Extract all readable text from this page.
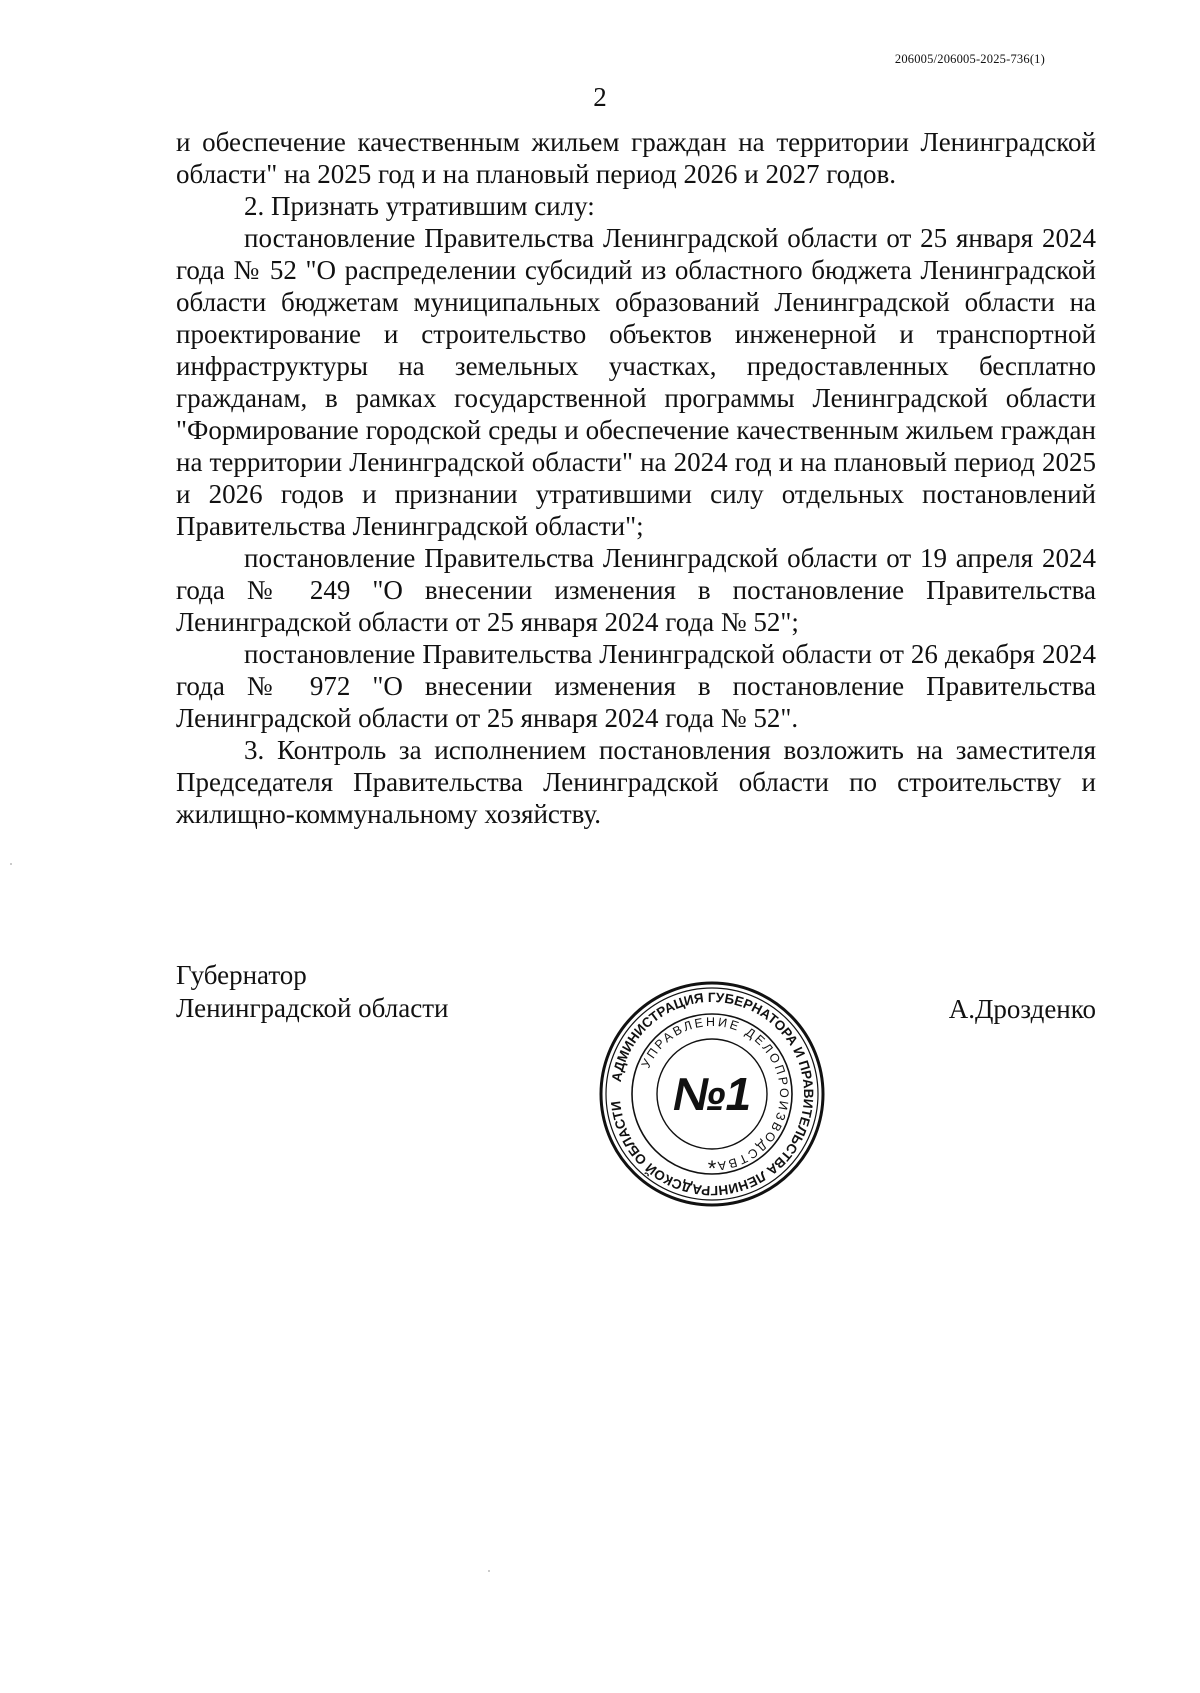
206005/206005-2025-736(1)
2

и обеспечение качественным жильем граждан на территории Ленинградской области" на 2025 год и на плановый период 2026 и 2027 годов.

2. Признать утратившим силу:

постановление Правительства Ленинградской области от 25 января 2024 года № 52 "О распределении субсидий из областного бюджета Ленинградской области бюджетам муниципальных образований Ленинградской области на проектирование и строительство объектов инженерной и транспортной инфраструктуры на земельных участках, предоставленных бесплатно гражданам, в рамках государственной программы Ленинградской области "Формирование городской среды и обеспечение качественным жильем граждан на территории Ленинградской области" на 2024 год и на плановый период 2025 и 2026 годов и признании утратившими силу отдельных постановлений Правительства Ленинградской области";

постановление Правительства Ленинградской области от 19 апреля 2024 года № 249 "О внесении изменения в постановление Правительства Ленинградской области от 25 января 2024 года № 52";

постановление Правительства Ленинградской области от 26 декабря 2024 года № 972 "О внесении изменения в постановление Правительства Ленинградской области от 25 января 2024 года № 52".

3. Контроль за исполнением постановления возложить на заместителя Председателя Правительства Ленинградской области по строительству и жилищно-коммунальному хозяйству.

Губернатор
Ленинградской области	А.Дрозденко
АДМИНИСТРАЦИЯ ГУБЕРНАТОРА И ПРАВИТЕЛЬСТВА ЛЕНИНГРАДСКОЙ ОБЛАСТИ
УПРАВЛЕНИЕ ДЕЛОПРОИЗВОДСТВА
№1
*
